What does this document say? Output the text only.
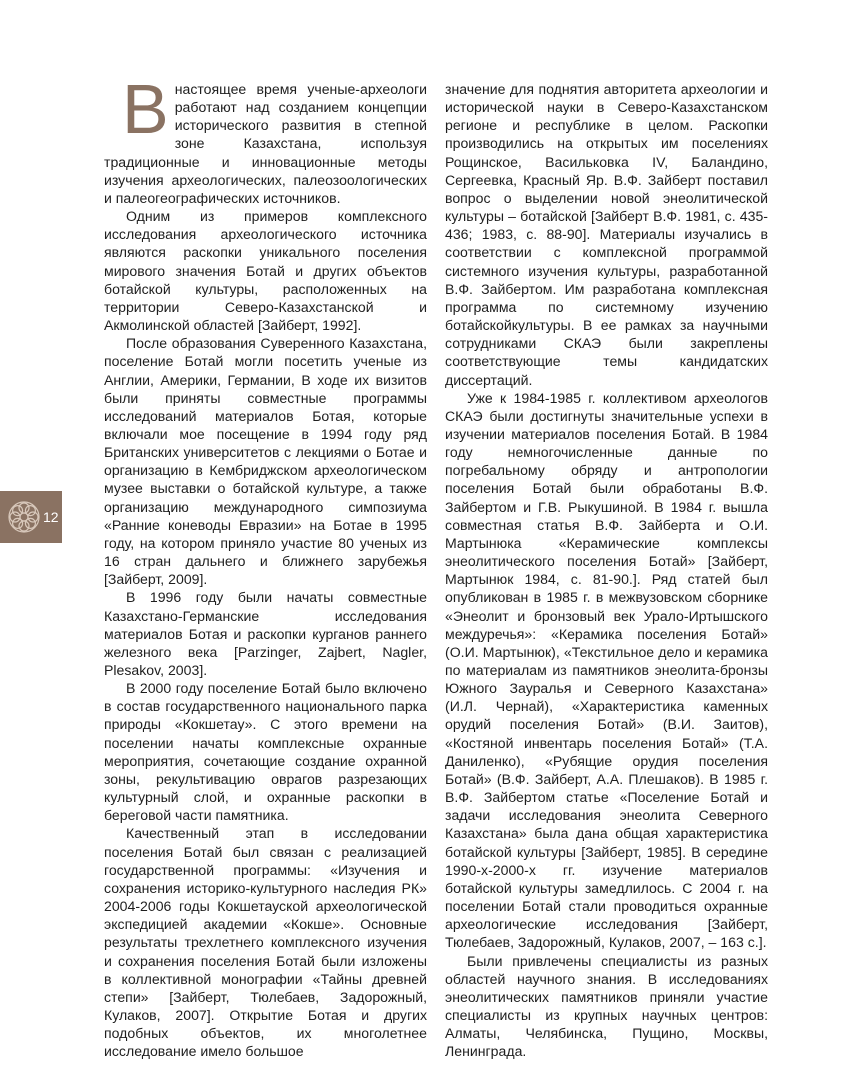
Внастоящее время ученые-археологи работают над созданием концепции исторического развития в степной зоне Казахстана, используя традиционные и инновационные методы изучения археологических, палеозоологических и палеогеографических источников.

Одним из примеров комплексного исследования археологического источника являются раскопки уникального поселения мирового значения Ботай и других объектов ботайской культуры, расположенных на территории Северо-Казахстанской и Акмолинской областей [Зайберт, 1992].

После образования Суверенного Казахстана, поселение Ботай могли посетить ученые из Англии, Америки, Германии, В ходе их визитов были приняты совместные программы исследований материалов Ботая, которые включали мое посещение в 1994 году ряд Британских университетов с лекциями о Ботае и организацию в Кембриджском археологическом музее выставки о ботайской культуре, а также организацию международного симпозиума «Ранние коневоды Евразии» на Ботае в 1995 году, на котором приняло участие 80 ученых из 16 стран дальнего и ближнего зарубежья [Зайберт, 2009].

В 1996 году были начаты совместные Казахстано-Германские исследования материалов Ботая и раскопки курганов раннего железного века [Parzinger, Zajbert, Nagler, Plesakov, 2003].

В 2000 году поселение Ботай было включено в состав государственного национального парка природы «Кокшетау». С этого времени на поселении начаты комплексные охранные мероприятия, сочетающие создание охранной зоны, рекультивацию оврагов разрезающих культурный слой, и охранные раскопки в береговой части памятника.

Качественный этап в исследовании поселения Ботай был связан с реализацией государственной программы: «Изучения и сохранения историко-культурного наследия РК» 2004-2006 годы Кокшетауской археологической экспедицией академии «Кокше». Основные результаты трехлетнего комплексного изучения и сохранения поселения Ботай были изложены в коллективной монографии «Тайны древней степи» [Зайберт, Тюлебаев, Задорожный, Кулаков, 2007]. Открытие Ботая и других подобных объектов, их многолетнее исследование имело большое

значение для поднятия авторитета археологии и исторической науки в Северо-Казахстанском регионе и республике в целом. Раскопки производились на открытых им поселениях Рощинское, Васильковка IV, Баландино, Сергеевка, Красный Яр. В.Ф. Зайберт поставил вопрос о выделении новой энеолитической культуры – ботайской [Зайберт В.Ф. 1981, с. 435-436; 1983, с. 88-90]. Материалы изучались в соответствии с комплексной программой системного изучения культуры, разработанной В.Ф. Зайбертом. Им разработана комплексная программа по системному изучению ботайскойкультуры. В ее рамках за научными сотрудниками СКАЭ были закреплены соответствующие темы кандидатских диссертаций.

Уже к 1984-1985 г. коллективом археологов СКАЭ были достигнуты значительные успехи в изучении материалов поселения Ботай. В 1984 году немногочисленные данные по погребальному обряду и антропологии поселения Ботай были обработаны В.Ф. Зайбертом и Г.В. Рыкушиной. В 1984 г. вышла совместная статья В.Ф. Зайберта и О.И. Мартынюка «Керамические комплексы энеолитического поселения Ботай» [Зайберт, Мартынюк 1984, с. 81-90.]. Ряд статей был опубликован в 1985 г. в межвузовском сборнике «Энеолит и бронзовый век Урало-Иртышского междуречья»: «Керамика поселения Ботай» (О.И. Мартынюк), «Текстильное дело и керамика по материалам из памятников энеолита-бронзы Южного Зауралья и Северного Казахстана» (И.Л. Чернай), «Характеристика каменных орудий поселения Ботай» (В.И. Заитов), «Костяной инвентарь поселения Ботай» (Т.А. Даниленко), «Рубящие орудия поселения Ботай» (В.Ф. Зайберт, А.А. Плешаков). В 1985 г. В.Ф. Зайбертом статье «Поселение Ботай и задачи исследования энеолита Северного Казахстана» была дана общая характеристика ботайской культуры [Зайберт, 1985]. В середине 1990-х-2000-х гг. изучение материалов ботайской культуры замедлилось. С 2004 г. на поселении Ботай стали проводиться охранные археологические исследования [Зайберт, Тюлебаев, Задорожный, Кулаков, 2007, – 163 с.].

Были привлечены специалисты из разных областей научного знания. В исследованиях энеолитических памятников приняли участие специалисты из крупных научных центров: Алматы, Челябинска, Пущино, Москвы, Ленинграда.

12
